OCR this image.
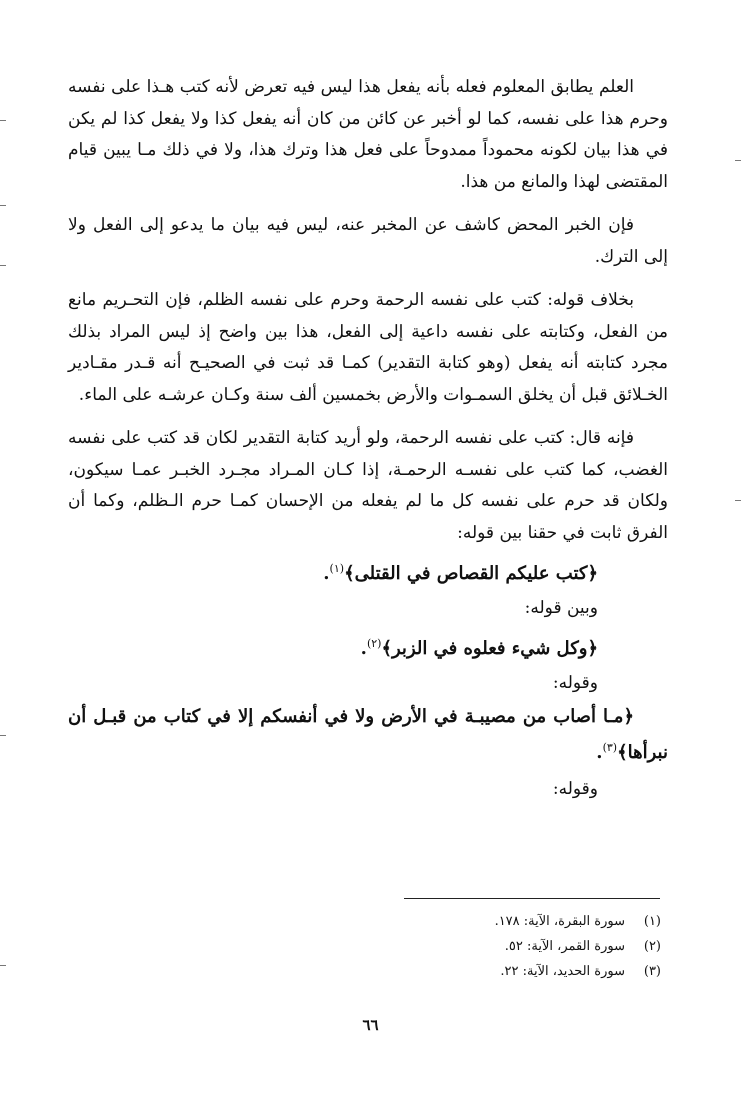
العلم يطابق المعلوم فعله بأنه يفعل هذا ليس فيه تعرض لأنه كتب هـذا على نفسه وحرم هذا على نفسه، كما لو أخبر عن كائن من كان أنه يفعل كذا ولا يفعل كذا لم يكن في هذا بيان لكونه محموداً ممدوحاً على فعل هذا وترك هذا، ولا في ذلك مـا يبين قيام المقتضى لهذا والمانع من هذا.

فإن الخبر المحض كاشف عن المخبر عنه، ليس فيه بيان ما يدعو إلى الفعل ولا إلى الترك.

بخلاف قوله: كتب على نفسه الرحمة وحرم على نفسه الظلم، فإن التحـريم مانع من الفعل، وكتابته على نفسه داعية إلى الفعل، هذا بين واضح إذ ليس المراد بذلك مجرد كتابته أنه يفعل (وهو كتابة التقدير) كمـا قد ثبت في الصحيـح أنه قـدر مقـادير الخـلائق قبل أن يخلق السمـوات والأرض بخمسين ألف سنة وكـان عرشـه على الماء.

فإنه قال: كتب على نفسه الرحمة، ولو أريد كتابة التقدير لكان قد كتب على نفسه الغضب، كما كتب على نفسـه الرحمـة، إذا كـان المـراد مجـرد الخبـر عمـا سيكون، ولكان قد حرم على نفسه كل ما لم يفعله من الإحسان كمـا حرم الـظلم، وكما أن الفرق ثابت في حقنا بين قوله:

﴿كتب عليكم القصاص في القتلى﴾$^{(١)}$.

وبين قوله:

﴿وكل شيء فعلوه في الزبر﴾$^{(٢)}$.

وقوله:

﴿مـا أصاب من مصيبـة في الأرض ولا في أنفسكم إلا في كتاب من قبـل أن نبرأها﴾$^{(٣)}$.

وقوله:

(١)
سورة البقرة، الآية: ١٧٨.
(٢)
سورة القمر، الآية: ٥٢.
(٣)
سورة الحديد، الآية: ٢٢.
٦٦
